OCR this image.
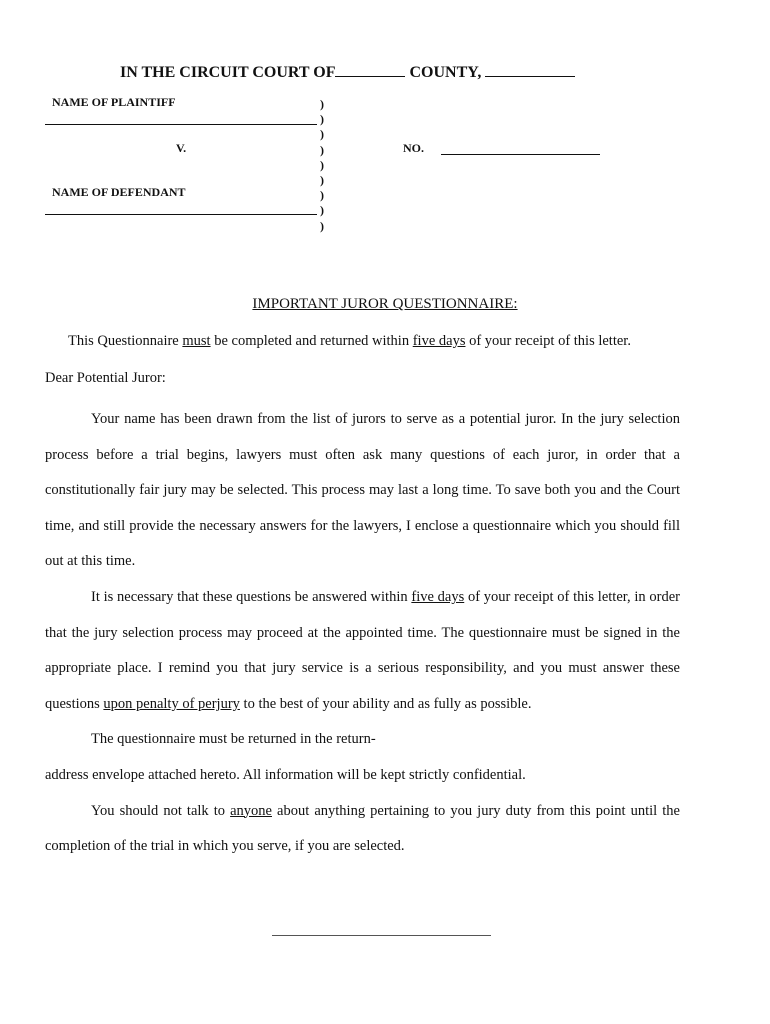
IN THE CIRCUIT COURT OF	COUNTY,
NAME OF PLAINTIFF
V.
NAME OF DEFENDANT
)
)
)
)
)
)
)
)
)
NO.
IMPORTANT JUROR QUESTIONNAIRE:
This Questionnaire must be completed and returned within five days of your receipt of this letter.
Dear Potential Juror:

Your name has been drawn from the list of jurors to serve as a potential juror. In the jury selection process before a trial begins, lawyers must often ask many questions of each juror, in order that a constitutionally fair jury may be selected. This process may last a long time. To save both you and the Court time, and still provide the necessary answers for the lawyers, I enclose a questionnaire which you should fill out at this time.

It is necessary that these questions be answered within five days of your receipt of this letter, in order that the jury selection process may proceed at the appointed time. The questionnaire must be signed in the appropriate place. I remind you that jury service is a serious responsibility, and you must answer these questions upon penalty of perjury to the best of your ability and as fully as possible.

The questionnaire must be returned in the return-

address envelope attached hereto. All information will be kept strictly confidential.

You should not talk to anyone about anything pertaining to you jury duty from this point until the completion of the trial in which you serve, if you are selected.
